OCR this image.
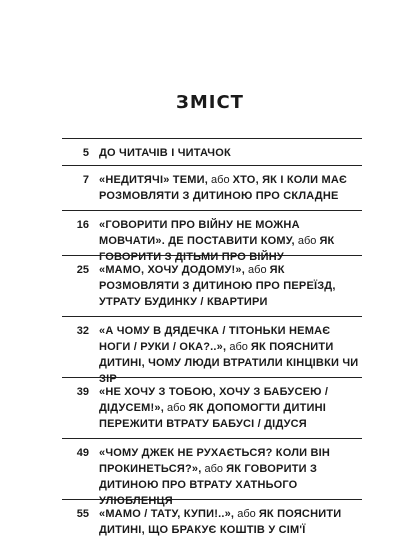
ЗМІСТ
5 ДО ЧИТАЧІВ І ЧИТАЧОК
7 «НЕДИТЯЧІ» ТЕМИ, або ХТО, ЯК І КОЛИ МАЄ РОЗМОВЛЯТИ З ДИТИНОЮ ПРО СКЛАДНЕ
16 «ГОВОРИТИ ПРО ВІЙНУ НЕ МОЖНА МОВЧАТИ». ДЕ ПОСТАВИТИ КОМУ, або ЯК ГОВОРИТИ З ДІТЬМИ ПРО ВІЙНУ
25 «МАМО, ХОЧУ ДОДОМУ!», або ЯК РОЗМОВЛЯТИ З ДИТИНОЮ ПРО ПЕРЕЇЗД, УТРАТУ БУДИНКУ / КВАРТИРИ
32 «А ЧОМУ В ДЯДЕЧКА / ТІТОНЬКИ НЕМАЄ НОГИ / РУКИ / ОКА?..», або ЯК ПОЯСНИТИ ДИТИНІ, ЧОМУ ЛЮДИ ВТРАТИЛИ КІНЦІВКИ ЧИ ЗІР
39 «НЕ ХОЧУ З ТОБОЮ, ХОЧУ З БАБУСЕЮ / ДІДУСЕМ!», або ЯК ДОПОМОГТИ ДИТИНІ ПЕРЕЖИТИ ВТРАТУ БАБУСІ / ДІДУСЯ
49 «ЧОМУ ДЖЕК НЕ РУХАЄТЬСЯ? КОЛИ ВІН ПРОКИНЕТЬСЯ?», або ЯК ГОВОРИТИ З ДИТИНОЮ ПРО ВТРАТУ ХАТНЬОГО УЛЮБЛЕНЦЯ
55 «МАМО / ТАТУ, КУПИ!..», або ЯК ПОЯСНИТИ ДИТИНІ, ЩО БРАКУЄ КОШТІВ У СІМ'Ї
